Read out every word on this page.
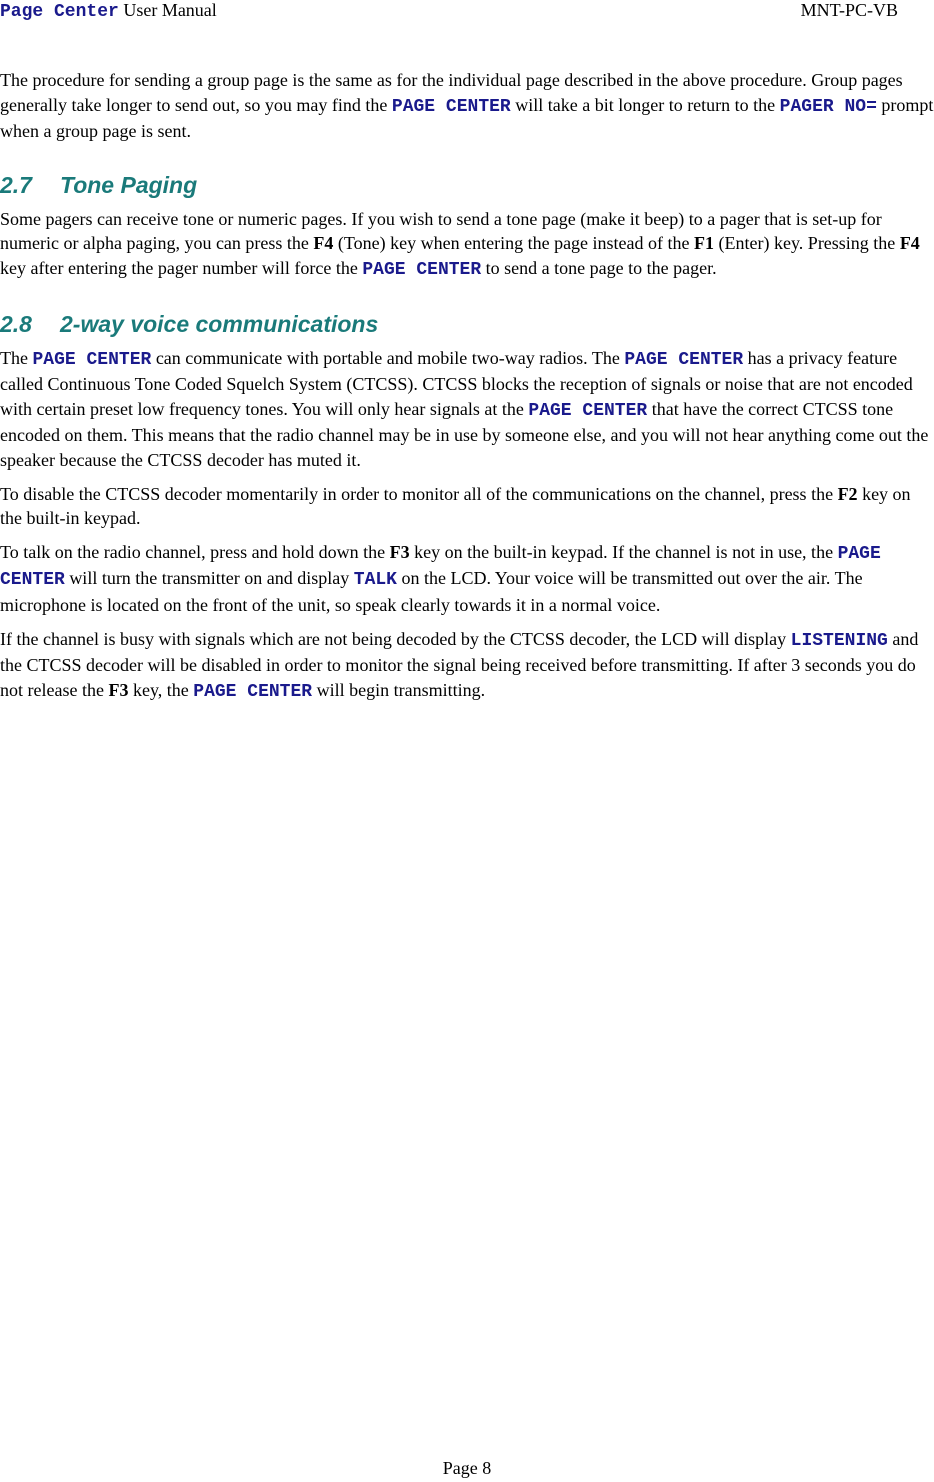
Page Center User Manual	MNT-PC-VB

The procedure for sending a group page is the same as for the individual page described in the above procedure. Group pages generally take longer to send out, so you may find the PAGE CENTER will take a bit longer to return to the PAGER NO= prompt when a group page is sent.

2.7 Tone Paging

Some pagers can receive tone or numeric pages. If you wish to send a tone page (make it beep) to a pager that is set-up for numeric or alpha paging, you can press the F4 (Tone) key when entering the page instead of the F1 (Enter) key. Pressing the F4 key after entering the pager number will force the PAGE CENTER to send a tone page to the pager.

2.8 2-way voice communications

The PAGE CENTER can communicate with portable and mobile two-way radios. The PAGE CENTER has a privacy feature called Continuous Tone Coded Squelch System (CTCSS). CTCSS blocks the reception of signals or noise that are not encoded with certain preset low frequency tones. You will only hear signals at the PAGE CENTER that have the correct CTCSS tone encoded on them. This means that the radio channel may be in use by someone else, and you will not hear anything come out the speaker because the CTCSS decoder has muted it.

To disable the CTCSS decoder momentarily in order to monitor all of the communications on the channel, press the F2 key on the built-in keypad.

To talk on the radio channel, press and hold down the F3 key on the built-in keypad. If the channel is not in use, the PAGE CENTER will turn the transmitter on and display TALK on the LCD. Your voice will be transmitted out over the air. The microphone is located on the front of the unit, so speak clearly towards it in a normal voice.

If the channel is busy with signals which are not being decoded by the CTCSS decoder, the LCD will display LISTENING and the CTCSS decoder will be disabled in order to monitor the signal being received before transmitting. If after 3 seconds you do not release the F3 key, the PAGE CENTER will begin transmitting.

Page 8
